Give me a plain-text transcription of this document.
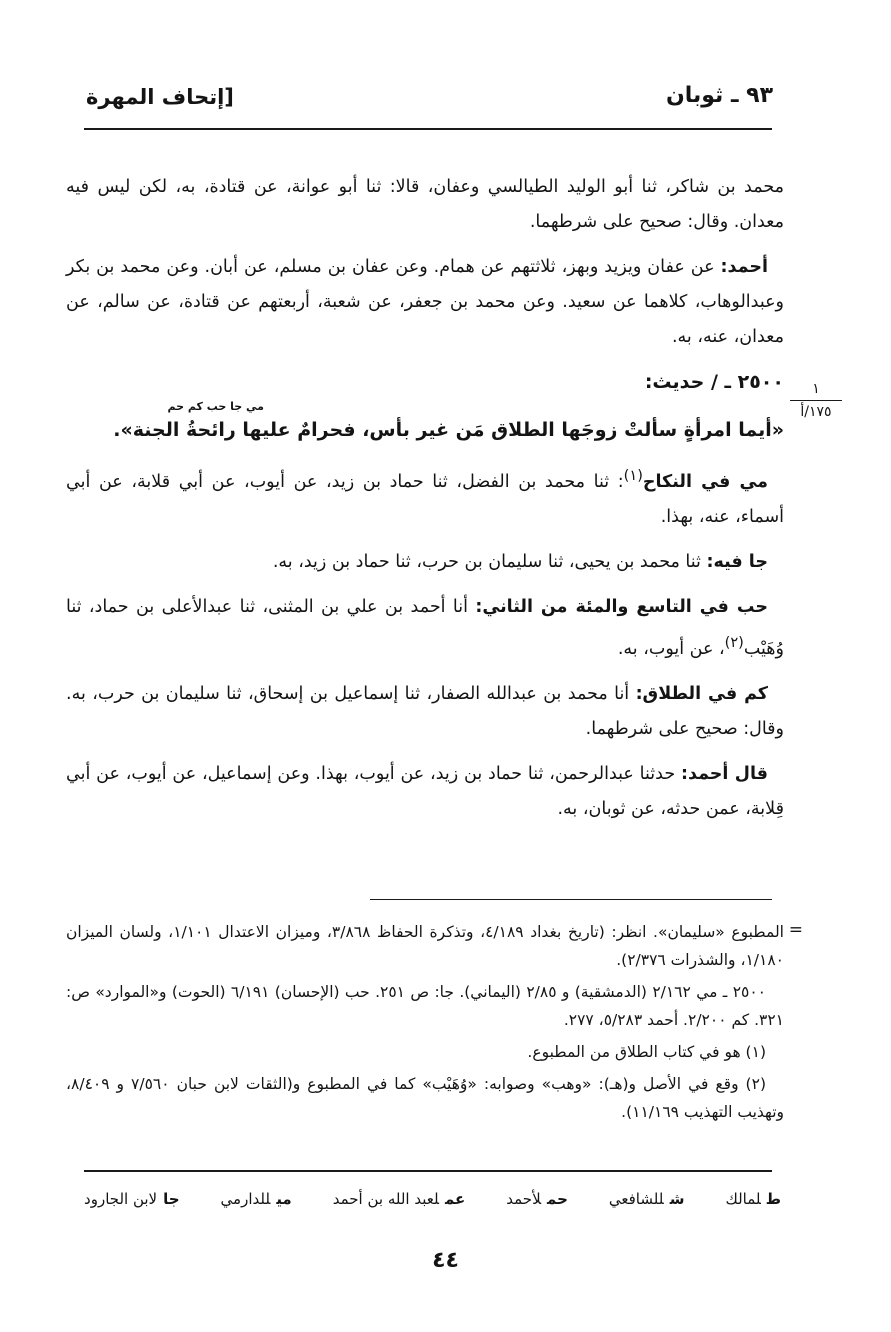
٩٣ ـ ثوبان
[إتحاف المهرة
١
١٧٥/أ

محمد بن شاكر، ثنا أبو الوليد الطيالسي وعفان، قالا: ثنا أبو عوانة، عن قتادة، به، لكن ليس فيه معدان. وقال: صحيح على شرطهما.

أحمد: عن عفان ويزيد وبهز، ثلاثتهم عن همام. وعن عفان بن مسلم، عن أبان. وعن محمد بن بكر وعبدالوهاب، كلاهما عن سعيد. وعن محمد بن جعفر، عن شعبة، أربعتهم عن قتادة، عن سالم، عن معدان، عنه، به.

٢٥٠٠ ـ / حديث:
مي جا حب كم حم
«أيما امرأةٍ سألتْ زوجَها الطلاق مَن غير بأس، فحرامٌ عليها رائحةُ الجنة».

مي في النكاح$^{(١)}$: ثنا محمد بن الفضل، ثنا حماد بن زيد، عن أيوب، عن أبي قلابة، عن أبي أسماء، عنه، بهذا.

جا فيه: ثنا محمد بن يحيى، ثنا سليمان بن حرب، ثنا حماد بن زيد، به.

حب في التاسع والمئة من الثاني: أنا أحمد بن علي بن المثنى، ثنا عبدالأعلى بن حماد، ثنا وُهَيْب$^{(٢)}$، عن أيوب، به.

كم في الطلاق: أنا محمد بن عبدالله الصفار، ثنا إسماعيل بن إسحاق، ثنا سليمان بن حرب، به. وقال: صحيح على شرطهما.

قال أحمد: حدثنا عبدالرحمن، ثنا حماد بن زيد، عن أيوب، بهذا. وعن إسماعيل، عن أيوب، عن أبي قِلابة، عمن حدثه، عن ثوبان، به.

=

المطبوع «سليمان». انظر: (تاريخ بغداد ٤/١٨٩، وتذكرة الحفاظ ٣/٨٦٨، وميزان الاعتدال ١/١٠١، ولسان الميزان ١/١٨٠، والشذرات ٢/٣٧٦).

٢٥٠٠ ـ مي ٢/١٦٢ (الدمشقية) و ٢/٨٥ (اليماني). جا: ص ٢٥١. حب (الإحسان) ٦/١٩١ (الحوت) و«الموارد» ص: ٣٢١. كم ٢/٢٠٠. أحمد ٥/٢٨٣، ٢٧٧.

(١) هو في كتاب الطلاق من المطبوع.

(٢) وقع في الأصل و(هـ): «وهب» وصوابه: «وُهَيْب» كما في المطبوع و(الثقات لابن حبان ٧/٥٦٠ و ٨/٤٠٩، وتهذيب التهذيب ١١/١٦٩).

طلمالك
شللشافعي
حملأحمد
عملعبد الله بن أحمد
ميللدارمي
جالابن الجارود
٤٤
